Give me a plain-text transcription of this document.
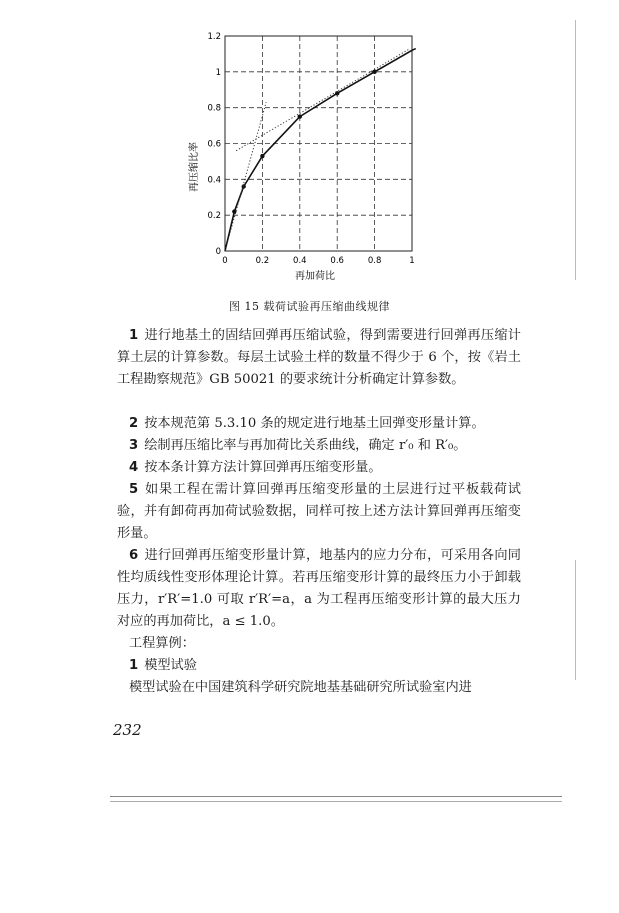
0	0.2	0.4	0.6	0.8	1
0
0.2
0.4
0.6
0.8
1
1.2
再加荷比
再压缩比率
图 15 载荷试验再压缩曲线规律
1 进行地基土的固结回弹再压缩试验，得到需要进行回弹再压缩计算土层的计算参数。每层土试验土样的数量不得少于 6 个，按《岩土工程勘察规范》GB 50021 的要求统计分析确定计算参数。
2 按本规范第 5.3.10 条的规定进行地基土回弹变形量计算。
3 绘制再压缩比率与再加荷比关系曲线，确定 r′₀ 和 R′₀。
4 按本条计算方法计算回弹再压缩变形量。
5 如果工程在需计算回弹再压缩变形量的土层进行过平板载荷试验，并有卸荷再加荷试验数据，同样可按上述方法计算回弹再压缩变形量。
6 进行回弹再压缩变形量计算，地基内的应力分布，可采用各向同性均质线性变形体理论计算。若再压缩变形计算的最终压力小于卸载压力，r′R′=1.0 可取 r′R′=a，a 为工程再压缩变形计算的最大压力对应的再加荷比，a ≤ 1.0。
工程算例：
1 模型试验
模型试验在中国建筑科学研究院地基基础研究所试验室内进
232
